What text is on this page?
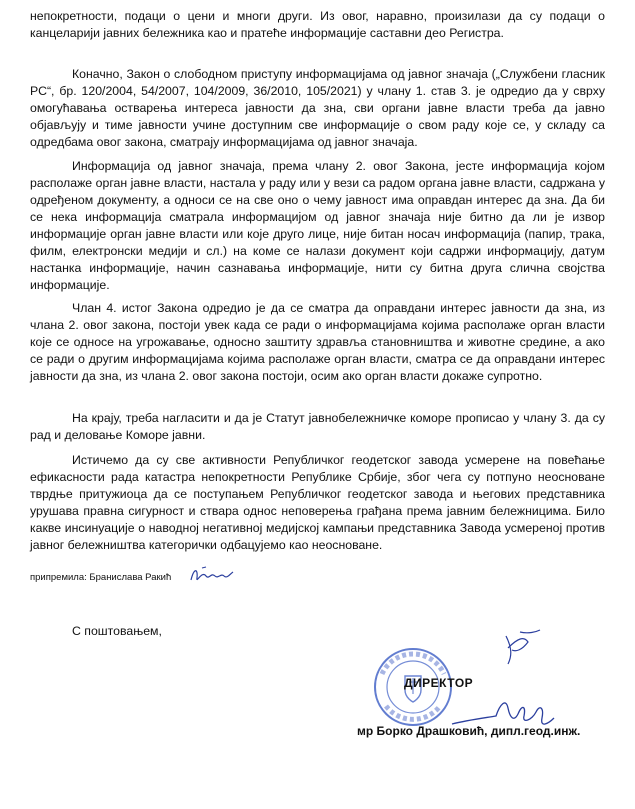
непокретности, подаци о цени и многи други. Из овог, наравно, произилази да су подаци о канцеларији јавних бележника као и пратеће информације саставни део Регистра.

Коначно, Закон о слободном приступу информацијама од јавног значаја („Службени гласник РС“, бр. 120/2004, 54/2007, 104/2009, 36/2010, 105/2021) у члану 1. став 3. је одредио да у сврху омогућавања остварења интереса јавности да зна, сви органи јавне власти треба да јавно објављују и тиме јавности учине доступним све информације о свом раду које се, у складу са одредбама овог закона, сматрају информацијама од јавног значаја.

Информација од јавног значаја, према члану 2. овог Закона, јесте информација којом располаже орган јавне власти, настала у раду или у вези са радом органа јавне власти, садржана у одређеном документу, а односи се на све оно о чему јавност има оправдан интерес да зна. Да би се нека информација сматрала информацијом од јавног значаја није битно да ли је извор информације орган јавне власти или које друго лице, није битан носач информација (папир, трака, филм, електронски медији и сл.) на коме се налази документ који садржи информацију, датум настанка информације, начин сазнавања информације, нити су битна друга слична својства информације.

Члан 4. истог Закона одредио је да се сматра да оправдани интерес јавности да зна, из члана 2. овог закона, постоји увек када се ради о информацијама којима располаже орган власти које се односе на угрожавање, односно заштиту здравља становништва и животне средине, а ако се ради о другим информацијама којима располаже орган власти, сматра се да оправдани интерес јавности да зна, из члана 2. овог закона постоји, осим ако орган власти докаже супротно.

На крају, треба нагласити и да је Статут јавнобележничке коморе прописао у члану 3. да су рад и деловање Коморе јавни.

Истичемо да су све активности Републичког геодетског завода усмерене на повећање ефикасности рада катастра непокретности Републике Србије, због чега су потпуно неосноване тврдње притужиоца да се поступањем Републичког геодетског завода и његових представника урушава правна сигурност и ствара однос неповерења грађана према јавним бележницима. Било какве инсинуације о наводној негативној медијској кампањи представника Завода усмереној против јавног бележништва категорички одбацујемо као неосноване.

припремила: Бранислава Ракић
С поштовањем,
ДИРЕКТОР
мр Борко Драшковић, дипл.геод.инж.
